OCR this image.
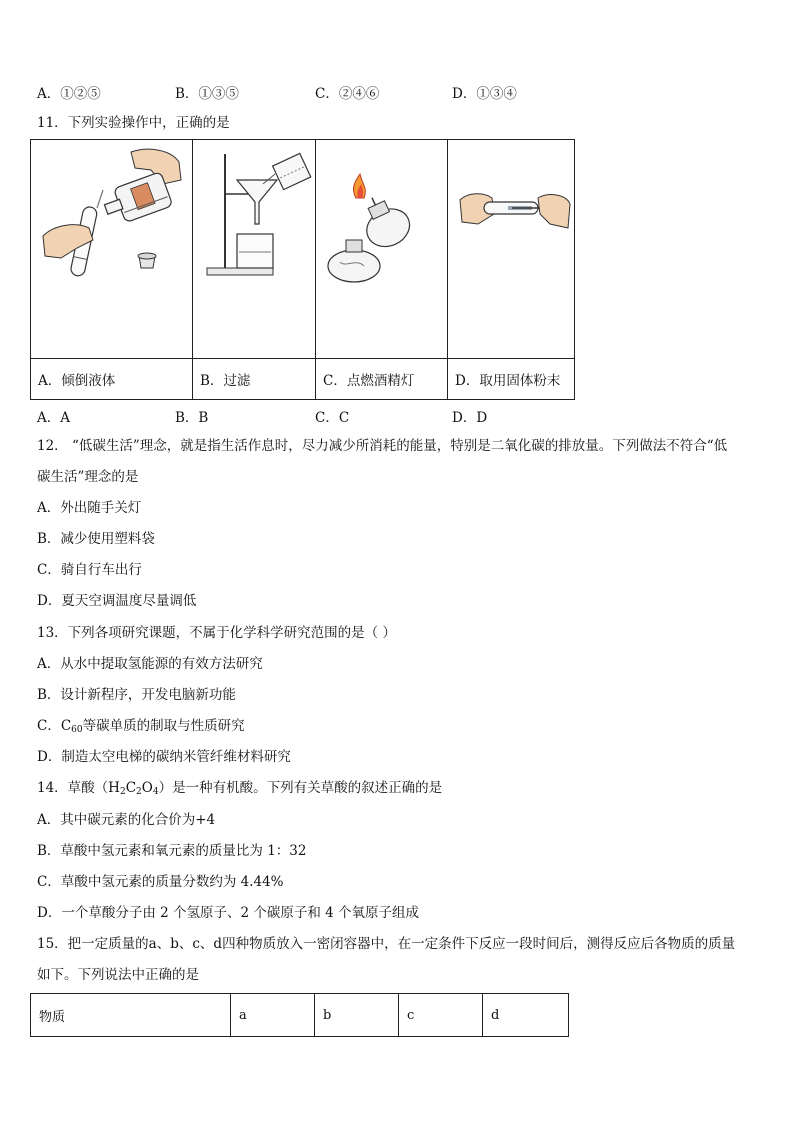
A．①②⑤	B．①③⑤	C．②④⑥	D．①③④
11．下列实验操作中，正确的是

A．倾倒液体	B．过滤	C．点燃酒精灯	D．取用固体粉末
A．A	B．B	C．C	D．D
12． “低碳生活”理念，就是指生活作息时，尽力减少所消耗的能量，特别是二氧化碳的排放量。下列做法不符合“低
碳生活”理念的是
A．外出随手关灯
B．减少使用塑料袋
C．骑自行车出行
D．夏天空调温度尽量调低
13．下列各项研究课题，不属于化学科学研究范围的是（ ）
A．从水中提取氢能源的有效方法研究
B．设计新程序，开发电脑新功能
C．$C_{60}$等碳单质的制取与性质研究
D．制造太空电梯的碳纳米管纤维材料研究
14．草酸$(H_2C_2O_4)$是一种有机酸。下列有关草酸的叙述正确的是
A．其中碳元素的化合价为+4
B．草酸中氢元素和氧元素的质量比为 1：32
C．草酸中氢元素的质量分数约为 4.44%
D．一个草酸分子由 2 个氢原子、2 个碳原子和 4 个氧原子组成
15．把一定质量的a、b、c、d四种物质放入一密闭容器中，在一定条件下反应一段时间后，测得反应后各物质的质量
如下。下列说法中正确的是
物质	a	b	c	d
